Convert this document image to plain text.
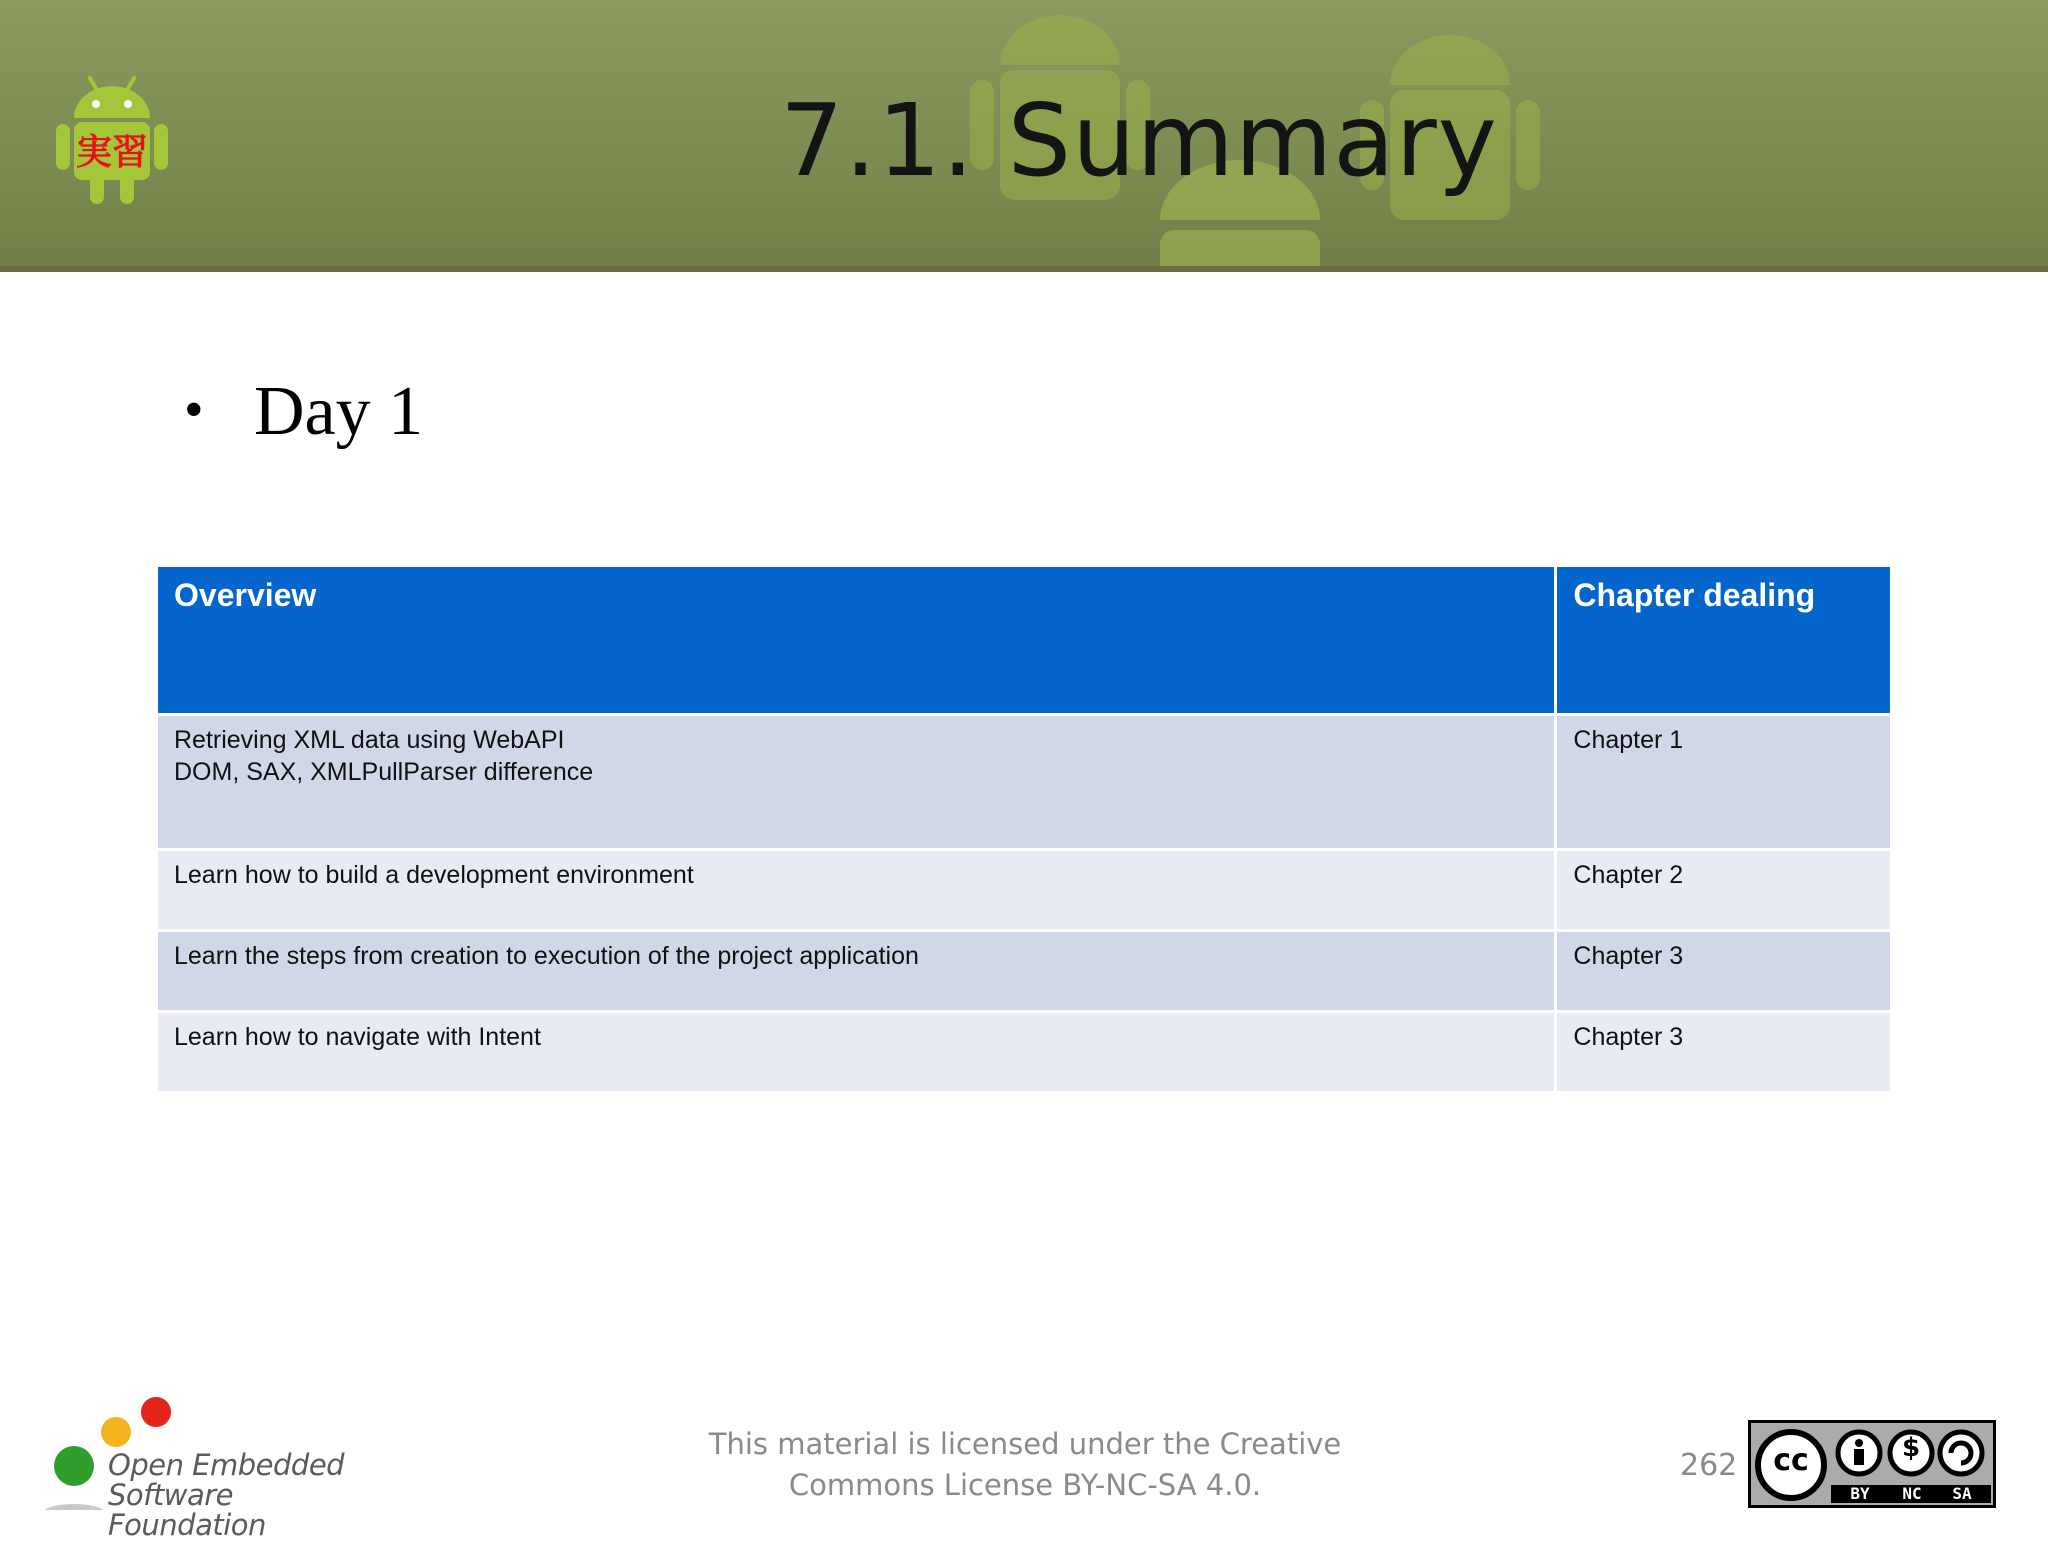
実習	7.1. Summary
• Day 1
Overview	Chapter dealing

Retrieving XML data using WebAPI
DOM, SAX, XMLPullParser difference	Chapter 1

Learn how to build a development environment	Chapter 2

Learn the steps from creation to execution of the project application	Chapter 3

Learn how to navigate with Intent	Chapter 3
Open Embedded
Software Foundation
This material is licensed under the Creative
Commons License BY-NC-SA 4.0.
262 cc	$
BY	NC	SA
